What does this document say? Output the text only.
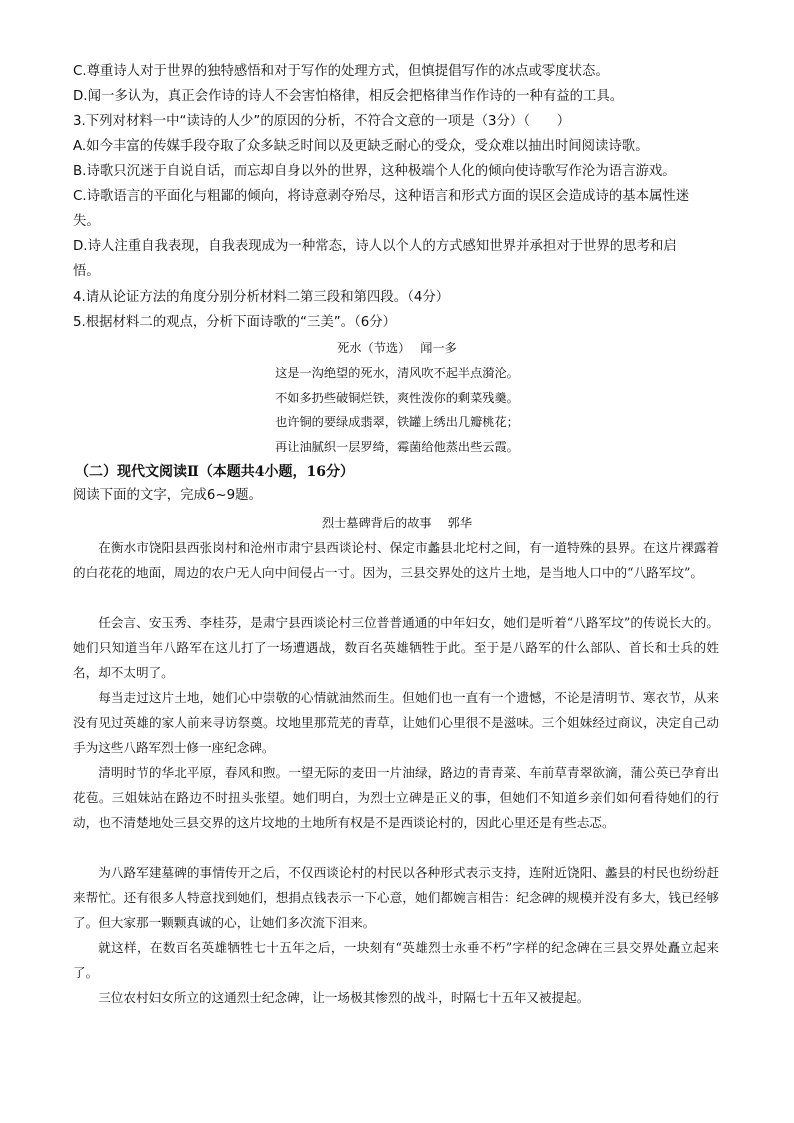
C.尊重诗人对于世界的独特感悟和对于写作的处理方式，但慎提倡写作的冰点或零度状态。
D.闻一多认为，真正会作诗的诗人不会害怕格律，相反会把格律当作作诗的一种有益的工具。
3.下列对材料一中“读诗的人少”的原因的分析，不符合文意的一项是（3分）（　　）
A.如今丰富的传媒手段夺取了众多缺乏时间以及更缺乏耐心的受众，受众难以抽出时间阅读诗歌。
B.诗歌只沉迷于自说自话，而忘却自身以外的世界，这种极端个人化的倾向使诗歌写作沦为语言游戏。
C.诗歌语言的平面化与粗鄙的倾向，将诗意剥夺殆尽，这种语言和形式方面的误区会造成诗的基本属性迷
失。
D.诗人注重自我表现，自我表现成为一种常态，诗人以个人的方式感知世界并承担对于世界的思考和启
悟。
4.请从论证方法的角度分别分析材料二第三段和第四段。（4分）
5.根据材料二的观点，分析下面诗歌的“三美”。（6分）
死水（节选）　 闻一多
这是一沟绝望的死水，清风吹不起半点漪沦。
不如多扔些破铜烂铁，爽性泼你的剩菜残羹。
也许铜的要绿成翡翠，铁罐上绣出几瓣桃花；
再让油腻织一层罗绮，霉菌给他蒸出些云霞。
（二）现代文阅读Ⅱ（本题共4小题，16分）
阅读下面的文字，完成6~9题。
烈士墓碑背后的故事　 郭华
在衡水市饶阳县西张岗村和沧州市肃宁县西谈论村、保定市蠡县北坨村之间，有一道特殊的县界。在这片裸露着的白花花的地面，周边的农户无人向中间侵占一寸。因为，三县交界处的这片土地，是当地人口中的“八路军坟”。
任会言、安玉秀、李桂芬，是肃宁县西谈论村三位普普通通的中年妇女，她们是听着“八路军坟”的传说长大的。她们只知道当年八路军在这儿打了一场遭遇战，数百名英雄牺牲于此。至于是八路军的什么部队、首长和士兵的姓名，却不太明了。
每当走过这片土地，她们心中崇敬的心情就油然而生。但她们也一直有一个遗憾，不论是清明节、寒衣节，从来没有见过英雄的家人前来寻访祭奠。坟地里那荒芜的青草，让她们心里很不是滋味。三个姐妹经过商议，决定自己动手为这些八路军烈士修一座纪念碑。
清明时节的华北平原，春风和煦。一望无际的麦田一片油绿，路边的青青菜、车前草青翠欲滴，蒲公英已孕育出花苞。三姐妹站在路边不时扭头张望。她们明白，为烈士立碑是正义的事，但她们不知道乡亲们如何看待她们的行动，也不清楚地处三县交界的这片坟地的土地所有权是不是西谈论村的，因此心里还是有些忐忑。
为八路军建墓碑的事情传开之后，不仅西谈论村的村民以各种形式表示支持，连附近饶阳、蠡县的村民也纷纷赶来帮忙。还有很多人特意找到她们，想捐点钱表示一下心意，她们都婉言相告：纪念碑的规模并没有多大，钱已经够了。但大家那一颗颗真诚的心，让她们多次流下泪来。
就这样，在数百名英雄牺牲七十五年之后，一块刻有“英雄烈士永垂不朽”字样的纪念碑在三县交界处矗立起来了。
三位农村妇女所立的这通烈士纪念碑，让一场极其惨烈的战斗，时隔七十五年又被提起。
